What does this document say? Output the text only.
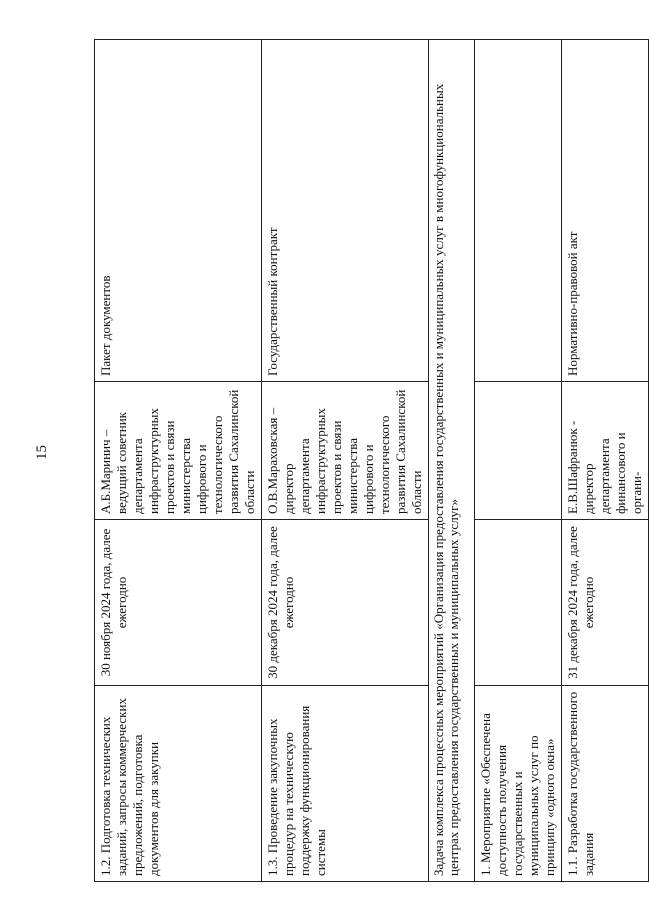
15
1.2. Подготовка технических заданий, запросы коммерческих предложений, подготовка документов для закупки	30 ноября 2024 года, далее ежегодно	А.Б.Маринич – ведущий советник департамента инфраструктурных проектов и связи министерства цифрового и технологического развития Сахалинской области	Пакет документов
1.3. Проведение закупочных процедур на техническую поддержку функционирования системы	30 декабря 2024 года, далее ежегодно	О.В.Мараховская – директор департамента инфраструктурных проектов и связи министерства цифрового и технологического развития Сахалинской области	Государственный контракт
Задача комплекса процессных мероприятий «Организация предоставления государственных и муниципальных услуг в многофункциональных центрах предоставления государственных и муниципальных услуг»			
1. Мероприятие «Обеспечена доступность получения государственных и муниципальных услуг по принципу «одного окна»			
1.1. Разработка государственного задания	31 декабря 2024 года, далее ежегодно	Е.В.Шафранюк - директор департамента финансового и органи-	Нормативно-правовой акт
